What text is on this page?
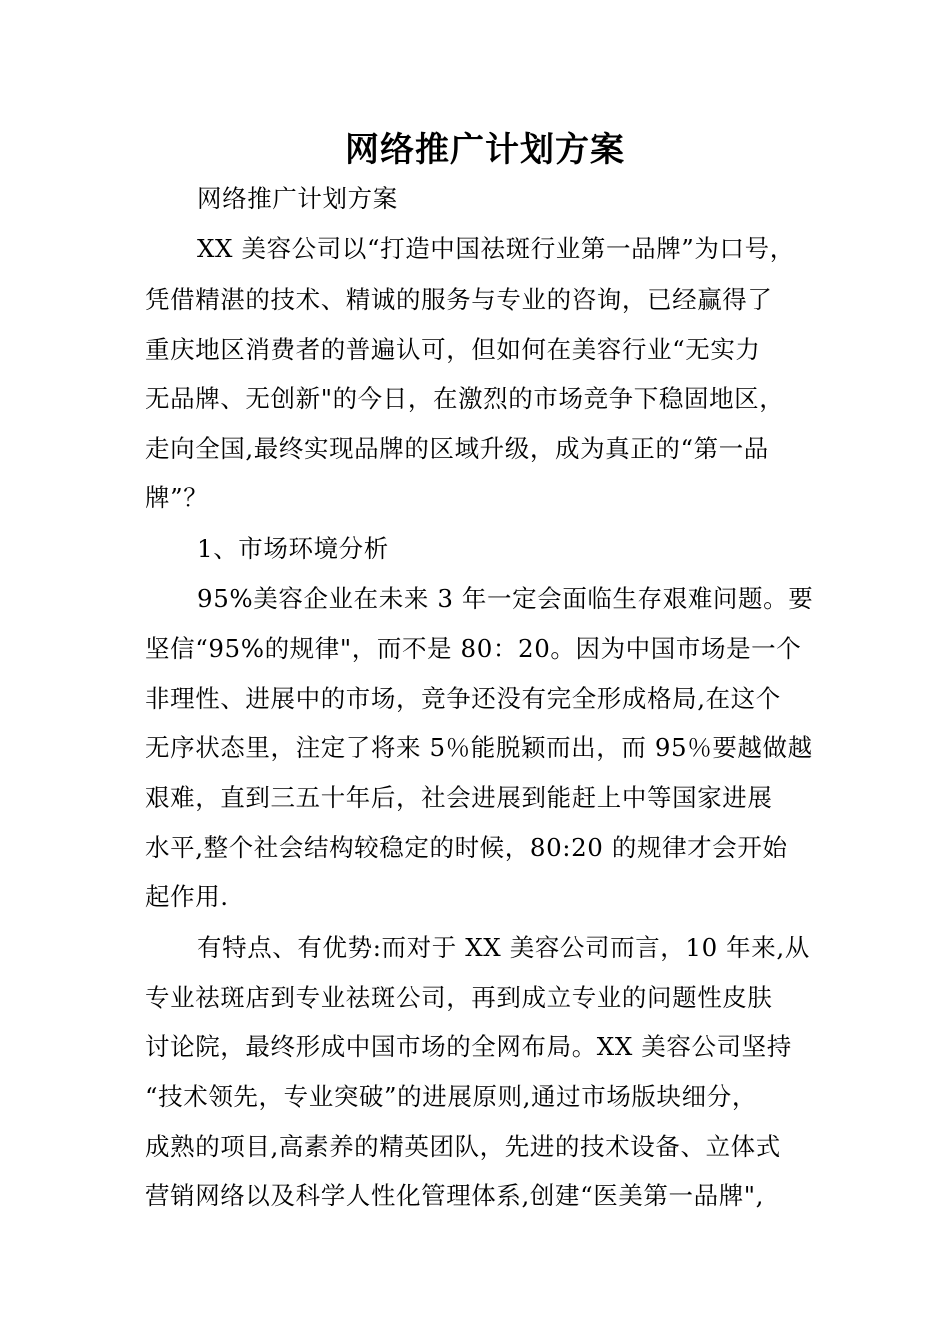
网络推广计划方案
网络推广计划方案
XX 美容公司以“打造中国祛斑行业第一品牌”为口号，
凭借精湛的技术、精诚的服务与专业的咨询，已经赢得了
重庆地区消费者的普遍认可，但如何在美容行业“无实力
无品牌、无创新"的今日，在激烈的市场竞争下稳固地区，
走向全国,最终实现品牌的区域升级，成为真正的“第一品
牌”？
1、市场环境分析
95%美容企业在未来 3 年一定会面临生存艰难问题。要
坚信“95%的规律"，而不是 80：20。因为中国市场是一个
非理性、进展中的市场，竞争还没有完全形成格局,在这个
无序状态里，注定了将来 5％能脱颖而出，而 95％要越做越
艰难，直到三五十年后，社会进展到能赶上中等国家进展
水平,整个社会结构较稳定的时候，80:20 的规律才会开始
起作用.
有特点、有优势:而对于 XX 美容公司而言，10 年来,从
专业祛斑店到专业祛斑公司，再到成立专业的问题性皮肤
讨论院，最终形成中国市场的全网布局。XX 美容公司坚持
“技术领先，专业突破”的进展原则,通过市场版块细分，
成熟的项目,高素养的精英团队，先进的技术设备、立体式
营销网络以及科学人性化管理体系,创建“医美第一品牌",
